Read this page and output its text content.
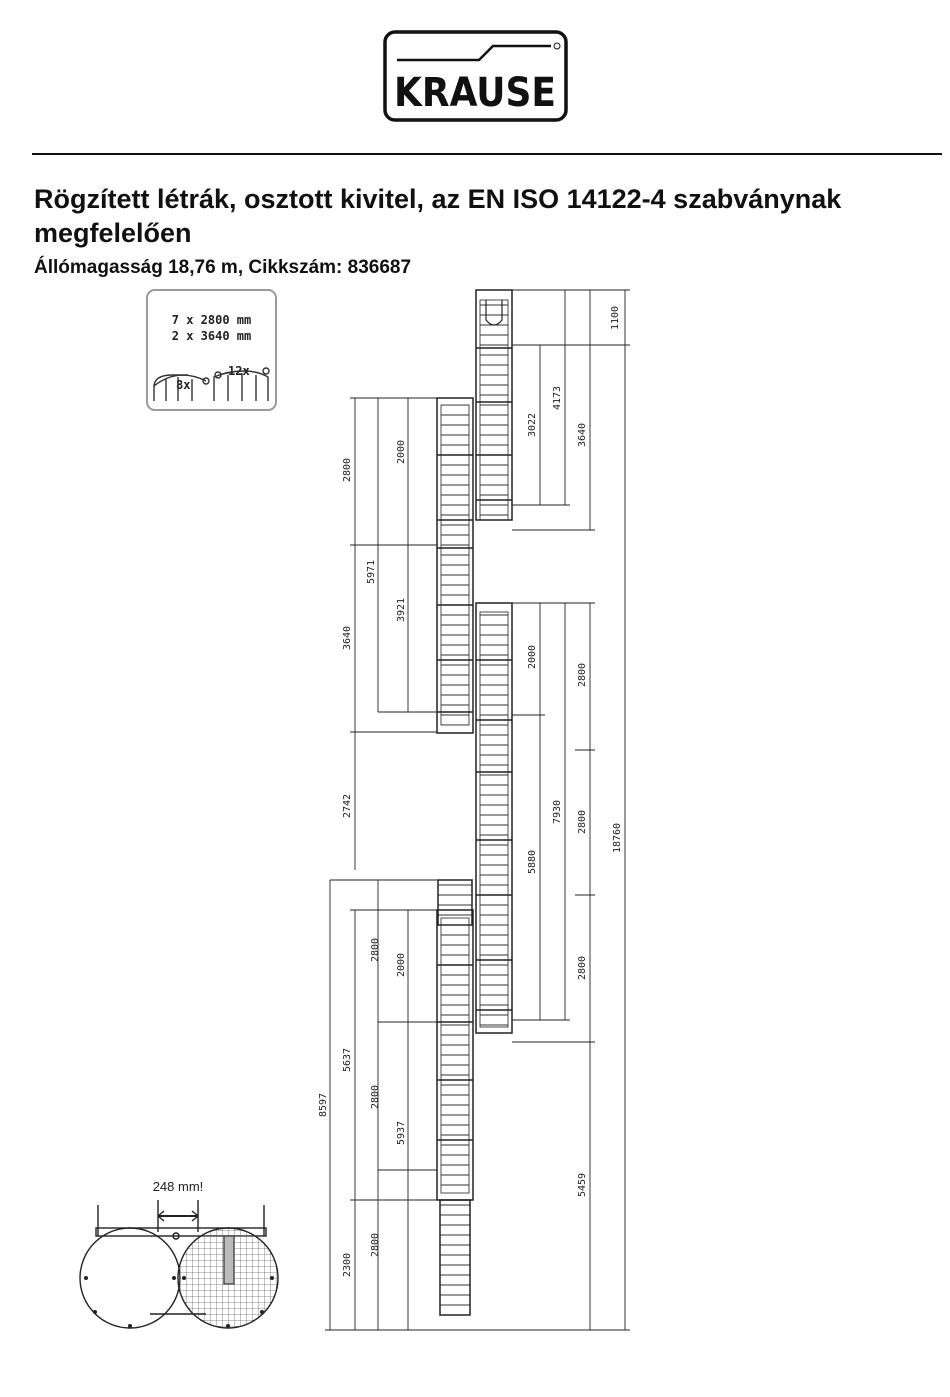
KRAUSE
Rögzített létrák, osztott kivitel, az EN ISO 14122-4 szabványnak megfelelően
Állómagasság 18,76 m, Cikkszám: 836687
7 x 2800 mm
2 x 3640 mm
8x
12x
1100
4173
3022	3640
18760
2000
2800
7930 2800
5880
2800
5459
2800
2000
5971
3921
3640
2742
8597
5637
2800
2000
2800
5937
2300
2800
248 mm!
